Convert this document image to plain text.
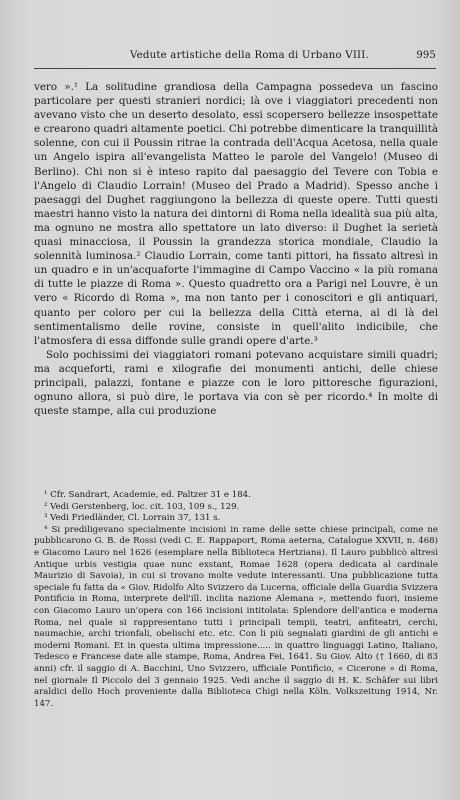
Vedute artistiche della Roma di Urbano VIII.	995

vero ».¹ La solitudine grandiosa della Campagna possedeva un fascino particolare per questi stranieri nordici; là ove i viaggiatori precedenti non avevano visto che un deserto desolato, essi scopersero bellezze insospettate e crearono quadri altamente poetici. Chi potrebbe dimenticare la tranquillità solenne, con cui il Poussin ritrae la contrada dell'Acqua Acetosa, nella quale un Angelo ispira all'evangelista Matteo le parole del Vangelo! (Museo di Berlino). Chi non si è inteso rapito dal paesaggio del Tevere con Tobia e l'Angelo di Claudio Lorrain! (Museo del Prado a Madrid). Spesso anche i paesaggi del Dughet raggiungono la bellezza di queste opere. Tutti questi maestri hanno visto la natura dei dintorni di Roma nella idealità sua più alta, ma ognuno ne mostra allo spettatore un lato diverso: il Dughet la serietà quasi minacciosa, il Poussin la grandezza storica mondiale, Claudio la solennità luminosa.² Claudio Lorrain, come tanti pittori, ha fissato altresì in un quadro e in un'acquaforte l'immagine di Campo Vaccino « la più romana di tutte le piazze di Roma ». Questo quadretto ora a Parigi nel Louvre, è un vero « Ricordo di Roma », ma non tanto per i conoscitori e gli antiquari, quanto per coloro per cui la bellezza della Città eterna, al di là del sentimentalismo delle rovine, consiste in quell'alito indicibile, che l'atmosfera di essa diffonde sulle grandi opere d'arte.³

Solo pochissimi dei viaggiatori romani potevano acquistare simili quadri; ma acqueforti, rami e xilografie dei monumenti antichi, delle chiese principali, palazzi, fontane e piazze con le loro pittoresche figurazioni, ognuno allora, si può dire, le portava via con sè per ricordo.⁴ In molte di queste stampe, alla cui produzione

¹ Cfr. Sandrart, Academie, ed. Paltzer 31 e 184.

² Vedi Gerstenberg, loc. cit. 103, 109 s., 129.

³ Vedi Friedländer, Cl. Lorrain 37, 131 s.

⁴ Si prediligevano specialmente incisioni in rame delle sette chiese principali, come ne pubblicarono G. B. de Rossi (vedi C. E. Rappaport, Roma aeterna, Catalogue XXVII, n. 468) e Giacomo Lauro nel 1626 (esemplare nella Biblioteca Hertziana). Il Lauro pubblicò altresì Antique urbis vestigia quae nunc exstant, Romae 1628 (opera dedicata al cardinale Maurizio di Savoia), in cui si trovano molte vedute interessanti. Una pubblicazione tutta speciale fu fatta da « Giov. Ridolfo Alto Svizzero da Lucerna, officiale della Guardia Svizzera Pontificia in Roma, interprete dell'ill. inclita nazione Alemana », mettendo fuori, insieme con Giacomo Lauro un'opera con 166 incisioni intitolata: Splendore dell'antica e moderna Roma, nel quale si rappresentano tutti i principali tempii, teatri, anfiteatri, cerchi, naumachie, archi trionfali, obelischi etc. etc. Con li più segnalati giardini de gli antichi e moderni Romani. Et in questa ultima impressione..... in quattro linguaggi Latino, Italiano, Tedesco e Francese date alle stampe, Roma, Andrea Fei, 1641. Su Giov. Alto († 1660, di 83 anni) cfr. il saggio di A. Bacchini, Uno Svizzero, ufficiale Pontificio, « Cicerone » di Roma, nel giornale Il Piccolo del 3 gennaio 1925. Vedi anche il saggio di H. K. Schäfer sui libri araldici dello Hoch proveniente dalla Biblioteca Chigi nella Köln. Volkszeitung 1914, Nr. 147.
